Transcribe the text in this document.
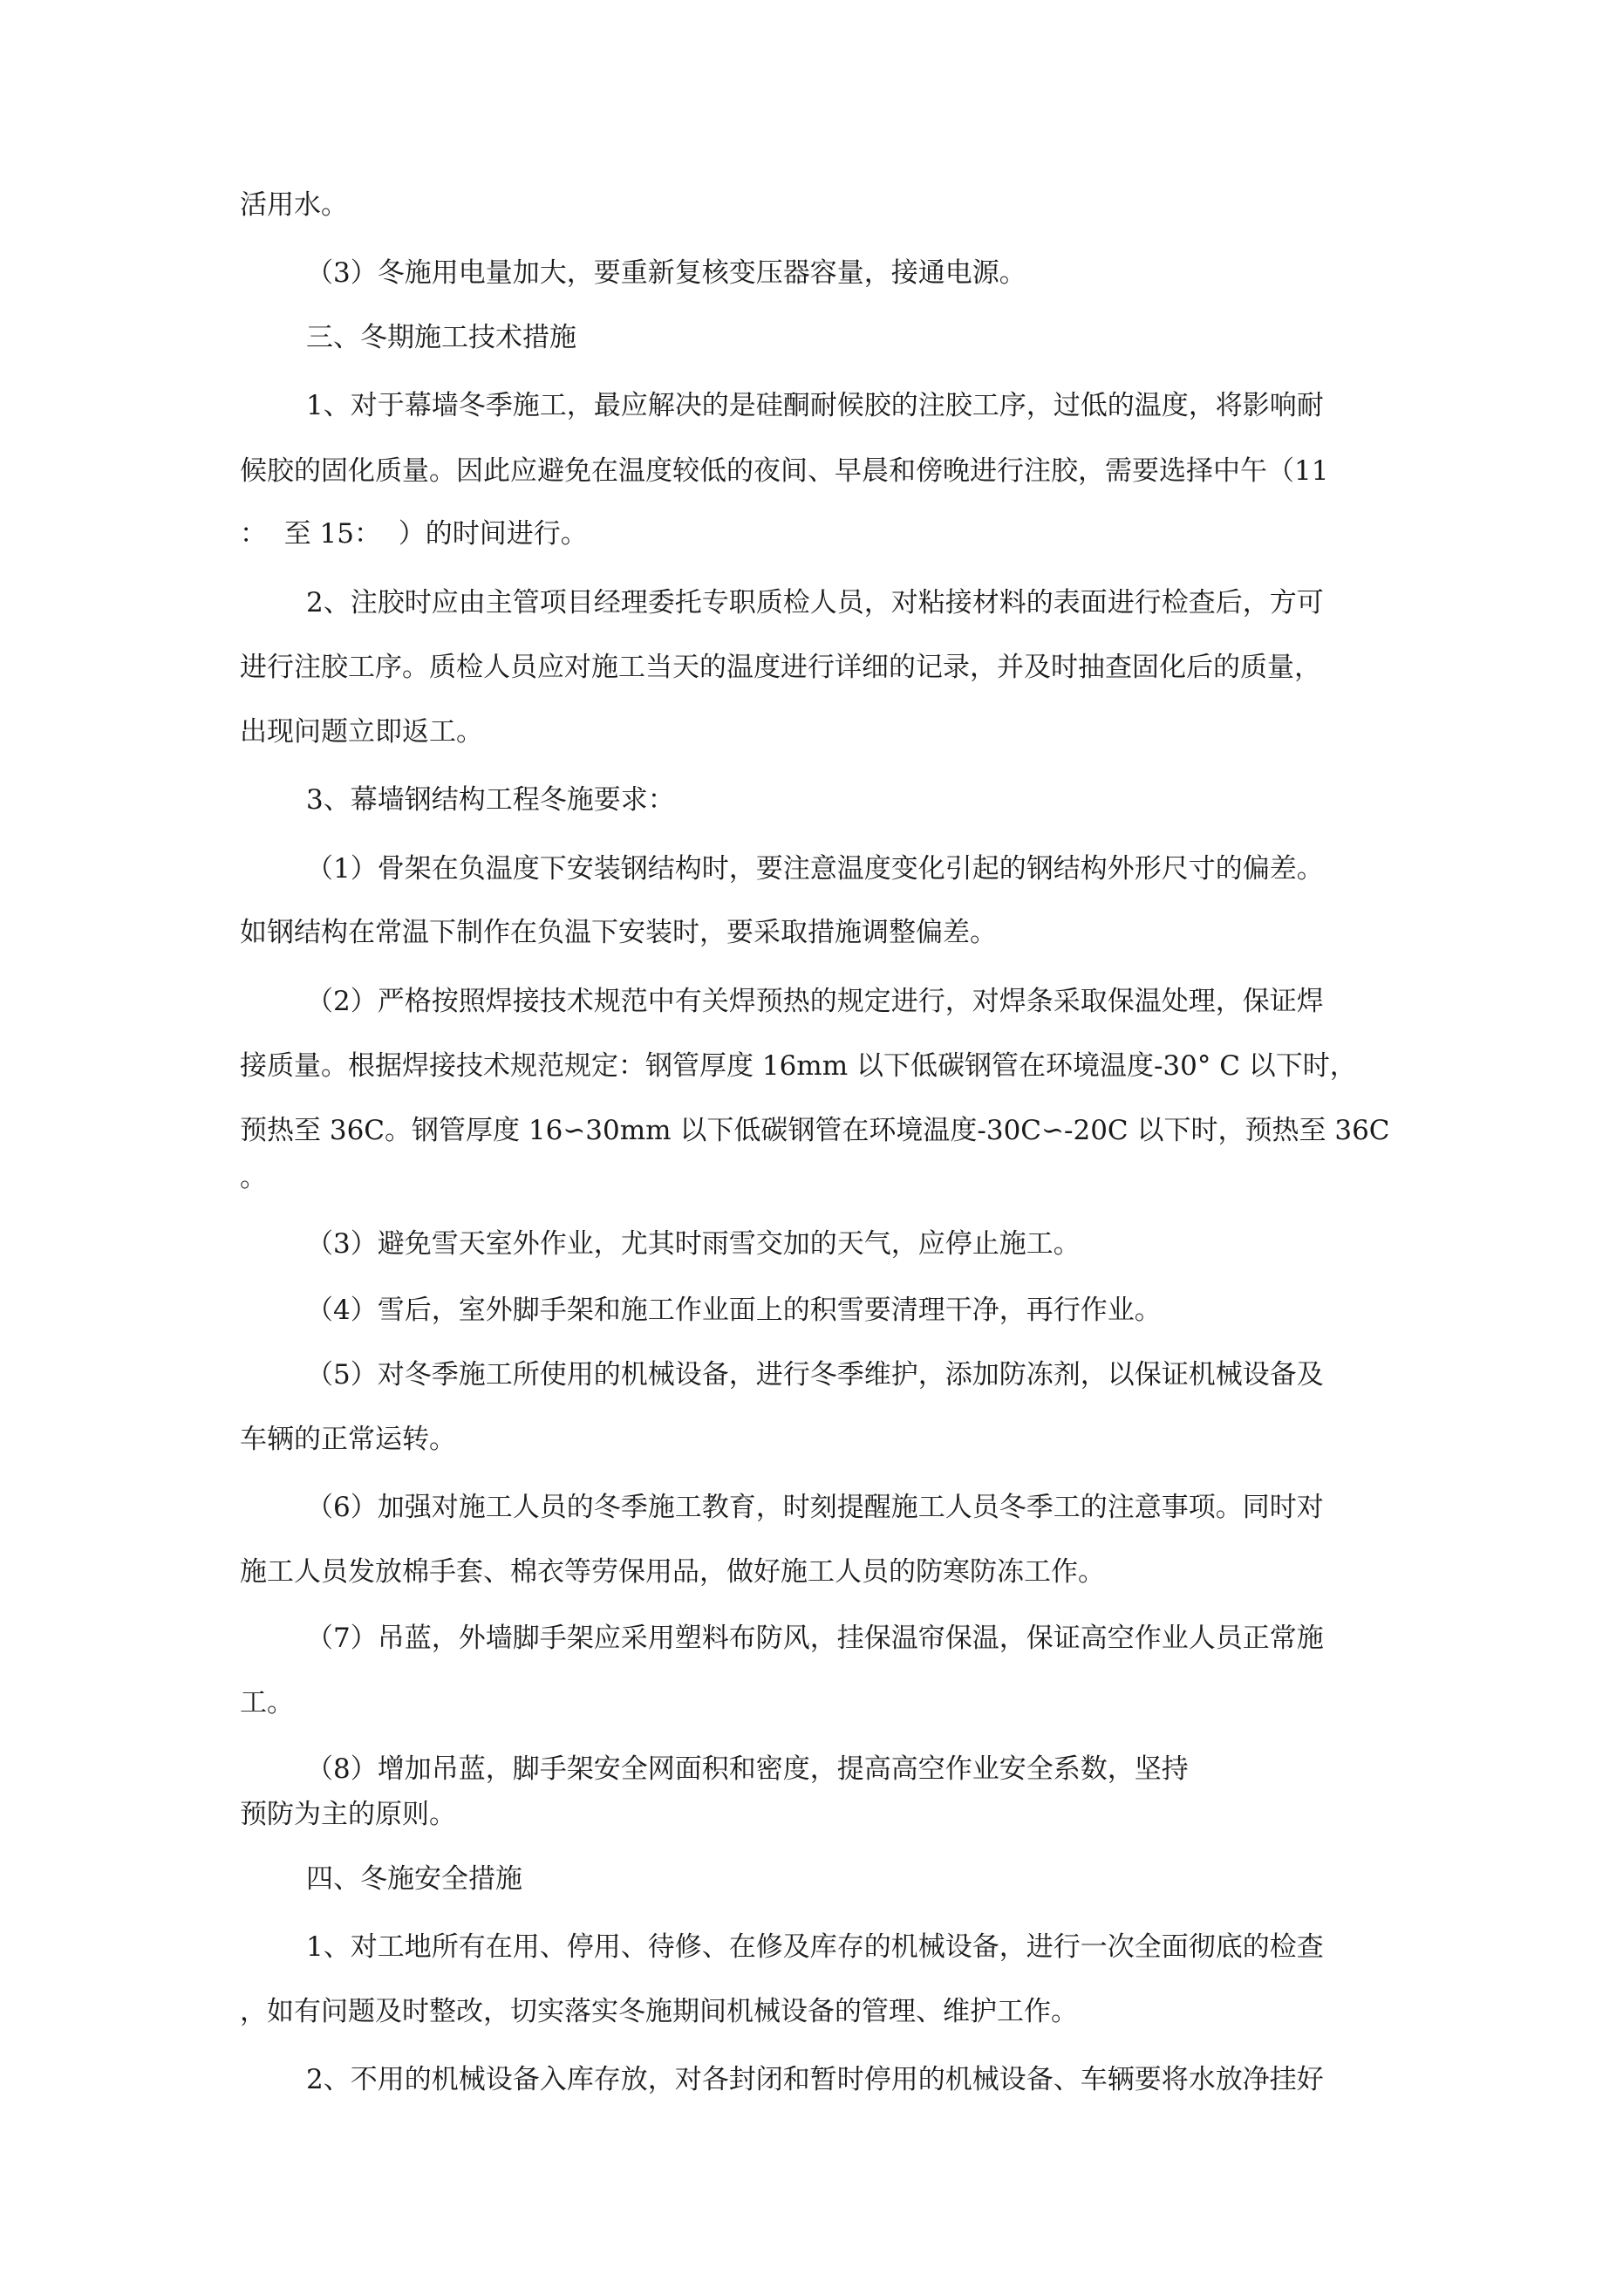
活用水。

（3）冬施用电量加大，要重新复核变压器容量，接通电源。

三、冬期施工技术措施

1、对于幕墙冬季施工，最应解决的是硅酮耐候胶的注胶工序，过低的温度，将影响耐

候胶的固化质量。因此应避免在温度较低的夜间、早晨和傍晚进行注胶，需要选择中午（11

：  至 15：  ）的时间进行。

2、注胶时应由主管项目经理委托专职质检人员，对粘接材料的表面进行检查后，方可

进行注胶工序。质检人员应对施工当天的温度进行详细的记录，并及时抽查固化后的质量，

出现问题立即返工。

3、幕墙钢结构工程冬施要求：

（1）骨架在负温度下安装钢结构时，要注意温度变化引起的钢结构外形尺寸的偏差。

如钢结构在常温下制作在负温下安装时，要采取措施调整偏差。

（2）严格按照焊接技术规范中有关焊预热的规定进行，对焊条采取保温处理，保证焊

接质量。根据焊接技术规范规定：钢管厚度 16mm 以下低碳钢管在环境温度-30° C 以下时，

预热至 36C。钢管厚度 16∽30mm 以下低碳钢管在环境温度-30C∽-20C 以下时，预热至 36C

。

（3）避免雪天室外作业，尤其时雨雪交加的天气，应停止施工。

（4）雪后，室外脚手架和施工作业面上的积雪要清理干净，再行作业。

（5）对冬季施工所使用的机械设备，进行冬季维护，添加防冻剂，以保证机械设备及

车辆的正常运转。

（6）加强对施工人员的冬季施工教育，时刻提醒施工人员冬季工的注意事项。同时对

施工人员发放棉手套、棉衣等劳保用品，做好施工人员的防寒防冻工作。

（7）吊蓝，外墙脚手架应采用塑料布防风，挂保温帘保温，保证高空作业人员正常施

工。

（8）增加吊蓝，脚手架安全网面积和密度，提高高空作业安全系数，坚持

预防为主的原则。

四、冬施安全措施

1、对工地所有在用、停用、待修、在修及库存的机械设备，进行一次全面彻底的检查

，如有问题及时整改，切实落实冬施期间机械设备的管理、维护工作。

2、不用的机械设备入库存放，对各封闭和暂时停用的机械设备、车辆要将水放净挂好
